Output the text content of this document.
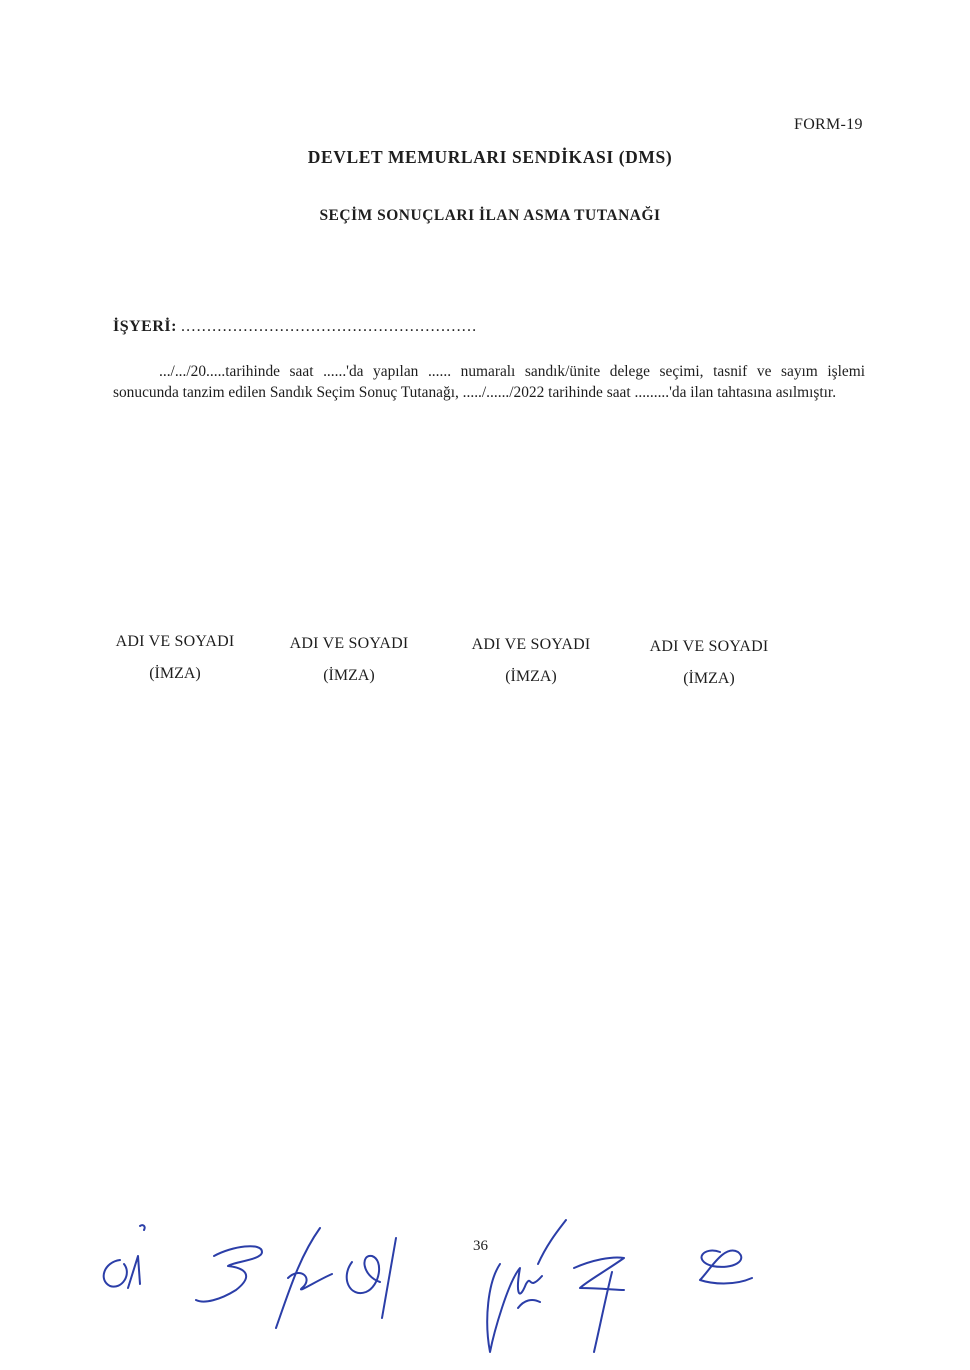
FORM-19
DEVLET MEMURLARI SENDİKASI (DMS)
SEÇİM SONUÇLARI İLAN ASMA TUTANAĞI
İŞYERİ: .........................................................
.../.../20.....tarihinde saat ......'da yapılan ...... numaralı sandık/ünite delege seçimi, tasnif ve sayım işlemi sonucunda tanzim edilen Sandık Seçim Sonuç Tutanağı, ...../....../2022 tarihinde saat .........'da ilan tahtasına asılmıştır.
ADI VE SOYADI
(İMZA)
ADI VE SOYADI
(İMZA)
ADI VE SOYADI
(İMZA)
ADI VE SOYADI
(İMZA)
36
